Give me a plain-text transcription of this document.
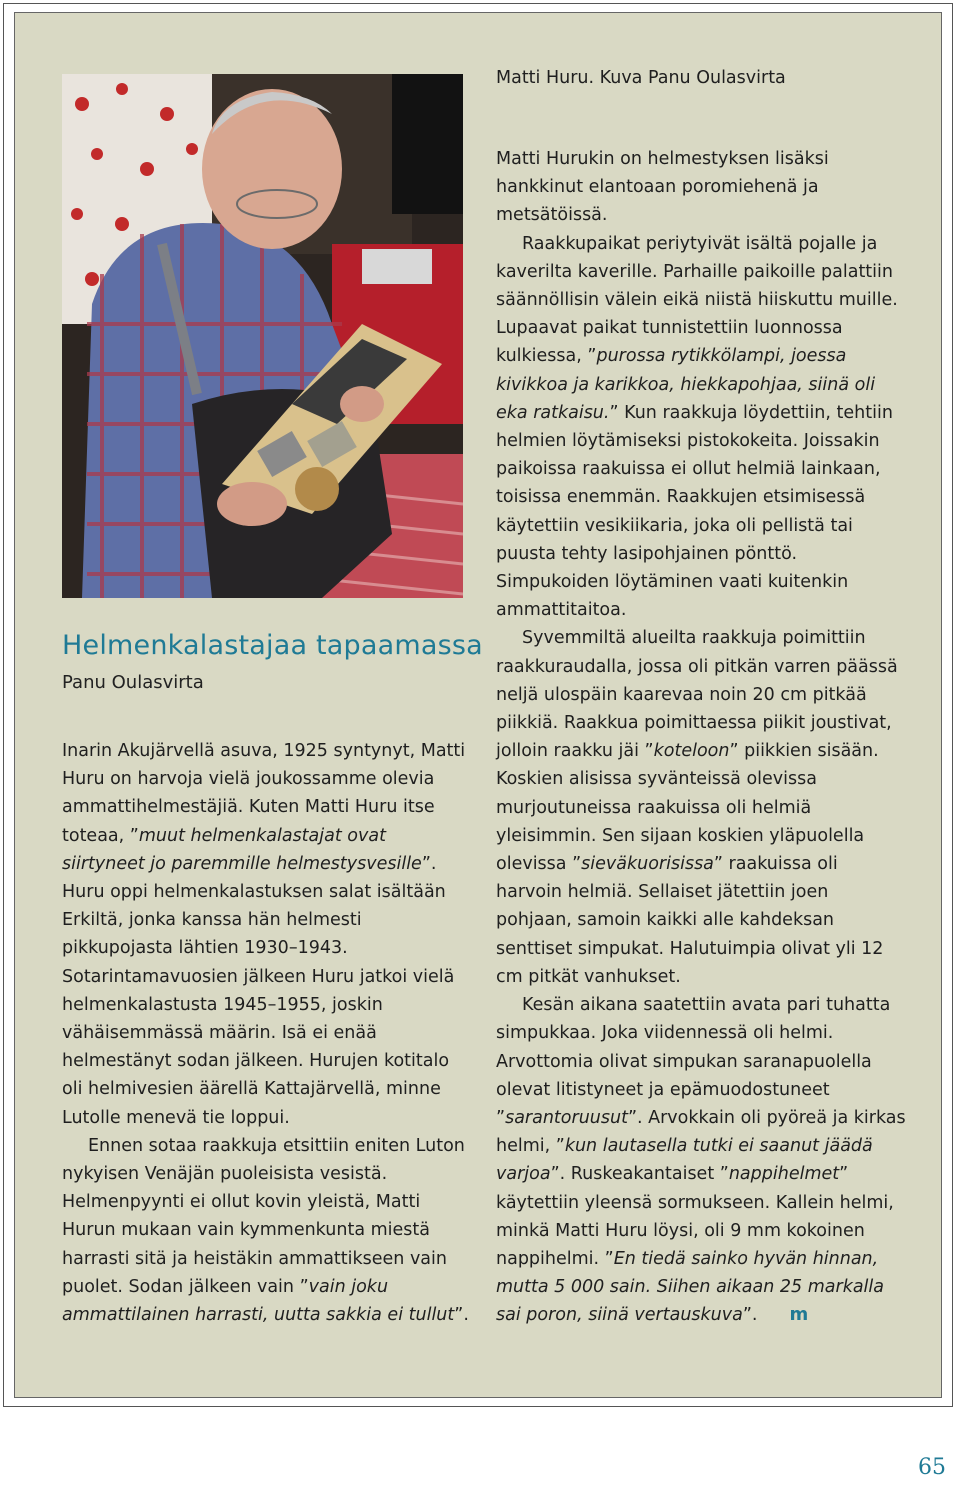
Matti Huru. Kuva Panu Oulasvirta
Helmenkalastajaa tapaamassa
Panu Oulasvirta

Inarin Akujärvellä asuva, 1925 syntynyt, Matti Huru on harvoja vielä joukossamme olevia ammattihelmestäjiä. Kuten Matti Huru itse toteaa, ”muut helmenkalastajat ovat siirtyneet jo paremmille helmestysvesille”. Huru oppi helmenkalastuksen salat isältään Erkiltä, jonka kanssa hän helmesti pikkupojasta lähtien 1930–1943. Sotarintamavuosien jälkeen Huru jatkoi vielä helmenkalastusta 1945–1955, joskin vähäisemmässä määrin. Isä ei enää helmestänyt sodan jälkeen. Hurujen kotitalo oli helmivesien äärellä Kattajärvellä, minne Lutolle menevä tie loppui.

Ennen sotaa raakkuja etsittiin eniten Luton nykyisen Venäjän puoleisista vesistä. Helmenpyynti ei ollut kovin yleistä, Matti Hurun mukaan vain kymmenkunta miestä harrasti sitä ja heistäkin ammattikseen vain puolet. Sodan jälkeen vain ”vain joku ammattilainen harrasti, uutta sakkia ei tullut”.

Matti Hurukin on helmestyksen lisäksi hankkinut elantoaan poromiehenä ja metsätöissä.

Raakkupaikat periytyivät isältä pojalle ja kaverilta kaverille. Parhaille paikoille palattiin säännöllisin välein eikä niistä hiiskuttu muille. Lupaavat paikat tunnistettiin luonnossa kulkiessa, ”purossa rytikkölampi, joessa kivikkoa ja karikkoa, hiekkapohjaa, siinä oli eka ratkaisu.” Kun raakkuja löydettiin, tehtiin helmien löytämiseksi pistokokeita. Joissakin paikoissa raakuissa ei ollut helmiä lainkaan, toisissa enemmän. Raakkujen etsimisessä käytettiin vesikiikaria, joka oli pellistä tai puusta tehty lasipohjainen pönttö. Simpukoiden löytäminen vaati kuitenkin ammattitaitoa.

Syvemmiltä alueilta raakkuja poimittiin raakkuraudalla, jossa oli pitkän varren päässä neljä ulospäin kaarevaa noin 20 cm pitkää piikkiä. Raakkua poimittaessa piikit joustivat, jolloin raakku jäi ”koteloon” piikkien sisään. Koskien alisissa syvänteissä olevissa murjoutuneissa raakuissa oli helmiä yleisimmin. Sen sijaan koskien yläpuolella olevissa ”sieväkuorisissa” raakuissa oli harvoin helmiä. Sellaiset jätettiin joen pohjaan, samoin kaikki alle kahdeksan senttiset simpukat. Halutuimpia olivat yli 12 cm pitkät vanhukset.

Kesän aikana saatettiin avata pari tuhatta simpukkaa. Joka viidennessä oli helmi. Arvottomia olivat simpukan saranapuolella olevat litistyneet ja epämuodostuneet ”sarantoruusut”. Arvokkain oli pyöreä ja kirkas helmi, ”kun lautasella tutki ei saanut jäädä varjoa”. Ruskeakantaiset ”nappihelmet” käytettiin yleensä sormukseen. Kallein helmi, minkä Matti Huru löysi, oli 9 mm kokoinen nappihelmi. ”En tiedä sainko hyvän hinnan, mutta 5 000 sain. Siihen aikaan 25 markalla sai poron, siinä vertauskuva”. m

65
